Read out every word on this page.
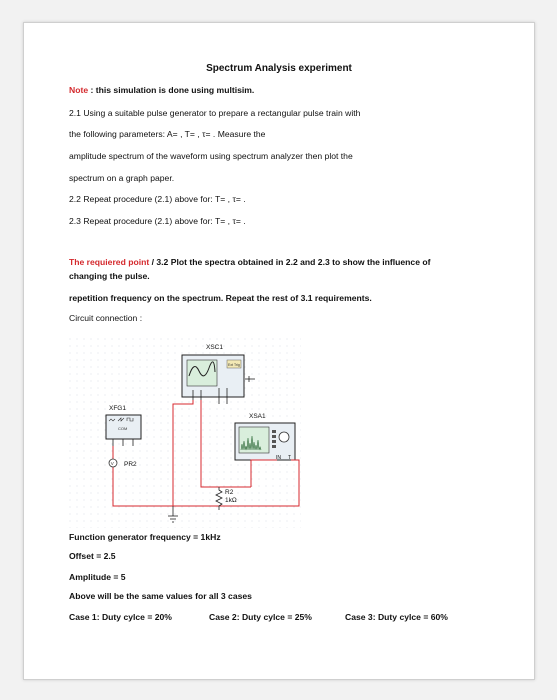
Spectrum Analysis experiment
Note : this simulation is done using multisim.
2.1 Using a suitable pulse generator to prepare a rectangular pulse train with
the following parameters: A= , T= , τ= . Measure the
amplitude spectrum of the waveform using spectrum analyzer then plot the
spectrum on a graph paper.
2.2 Repeat procedure (2.1) above for: T= , τ= .
2.3 Repeat procedure (2.1) above for: T= , τ= .
The requiered point / 3.2 Plot the spectra obtained in 2.2 and 2.3 to show the influence of
changing the pulse.
repetition frequency on the spectrum. Repeat the rest of 3.1 requirements.
Circuit connection :
XSC1
Ext Trig
XFG1
COM
XSA1
IN T
V PR2
R2
1kΩ
Function generator frequency = 1kHz
Offset = 2.5
Amplitude = 5
Above will be the same values for all 3 cases
Case 1: Duty cylce = 20%	Case 2: Duty cylce = 25%	Case 3: Duty cylce = 60%
